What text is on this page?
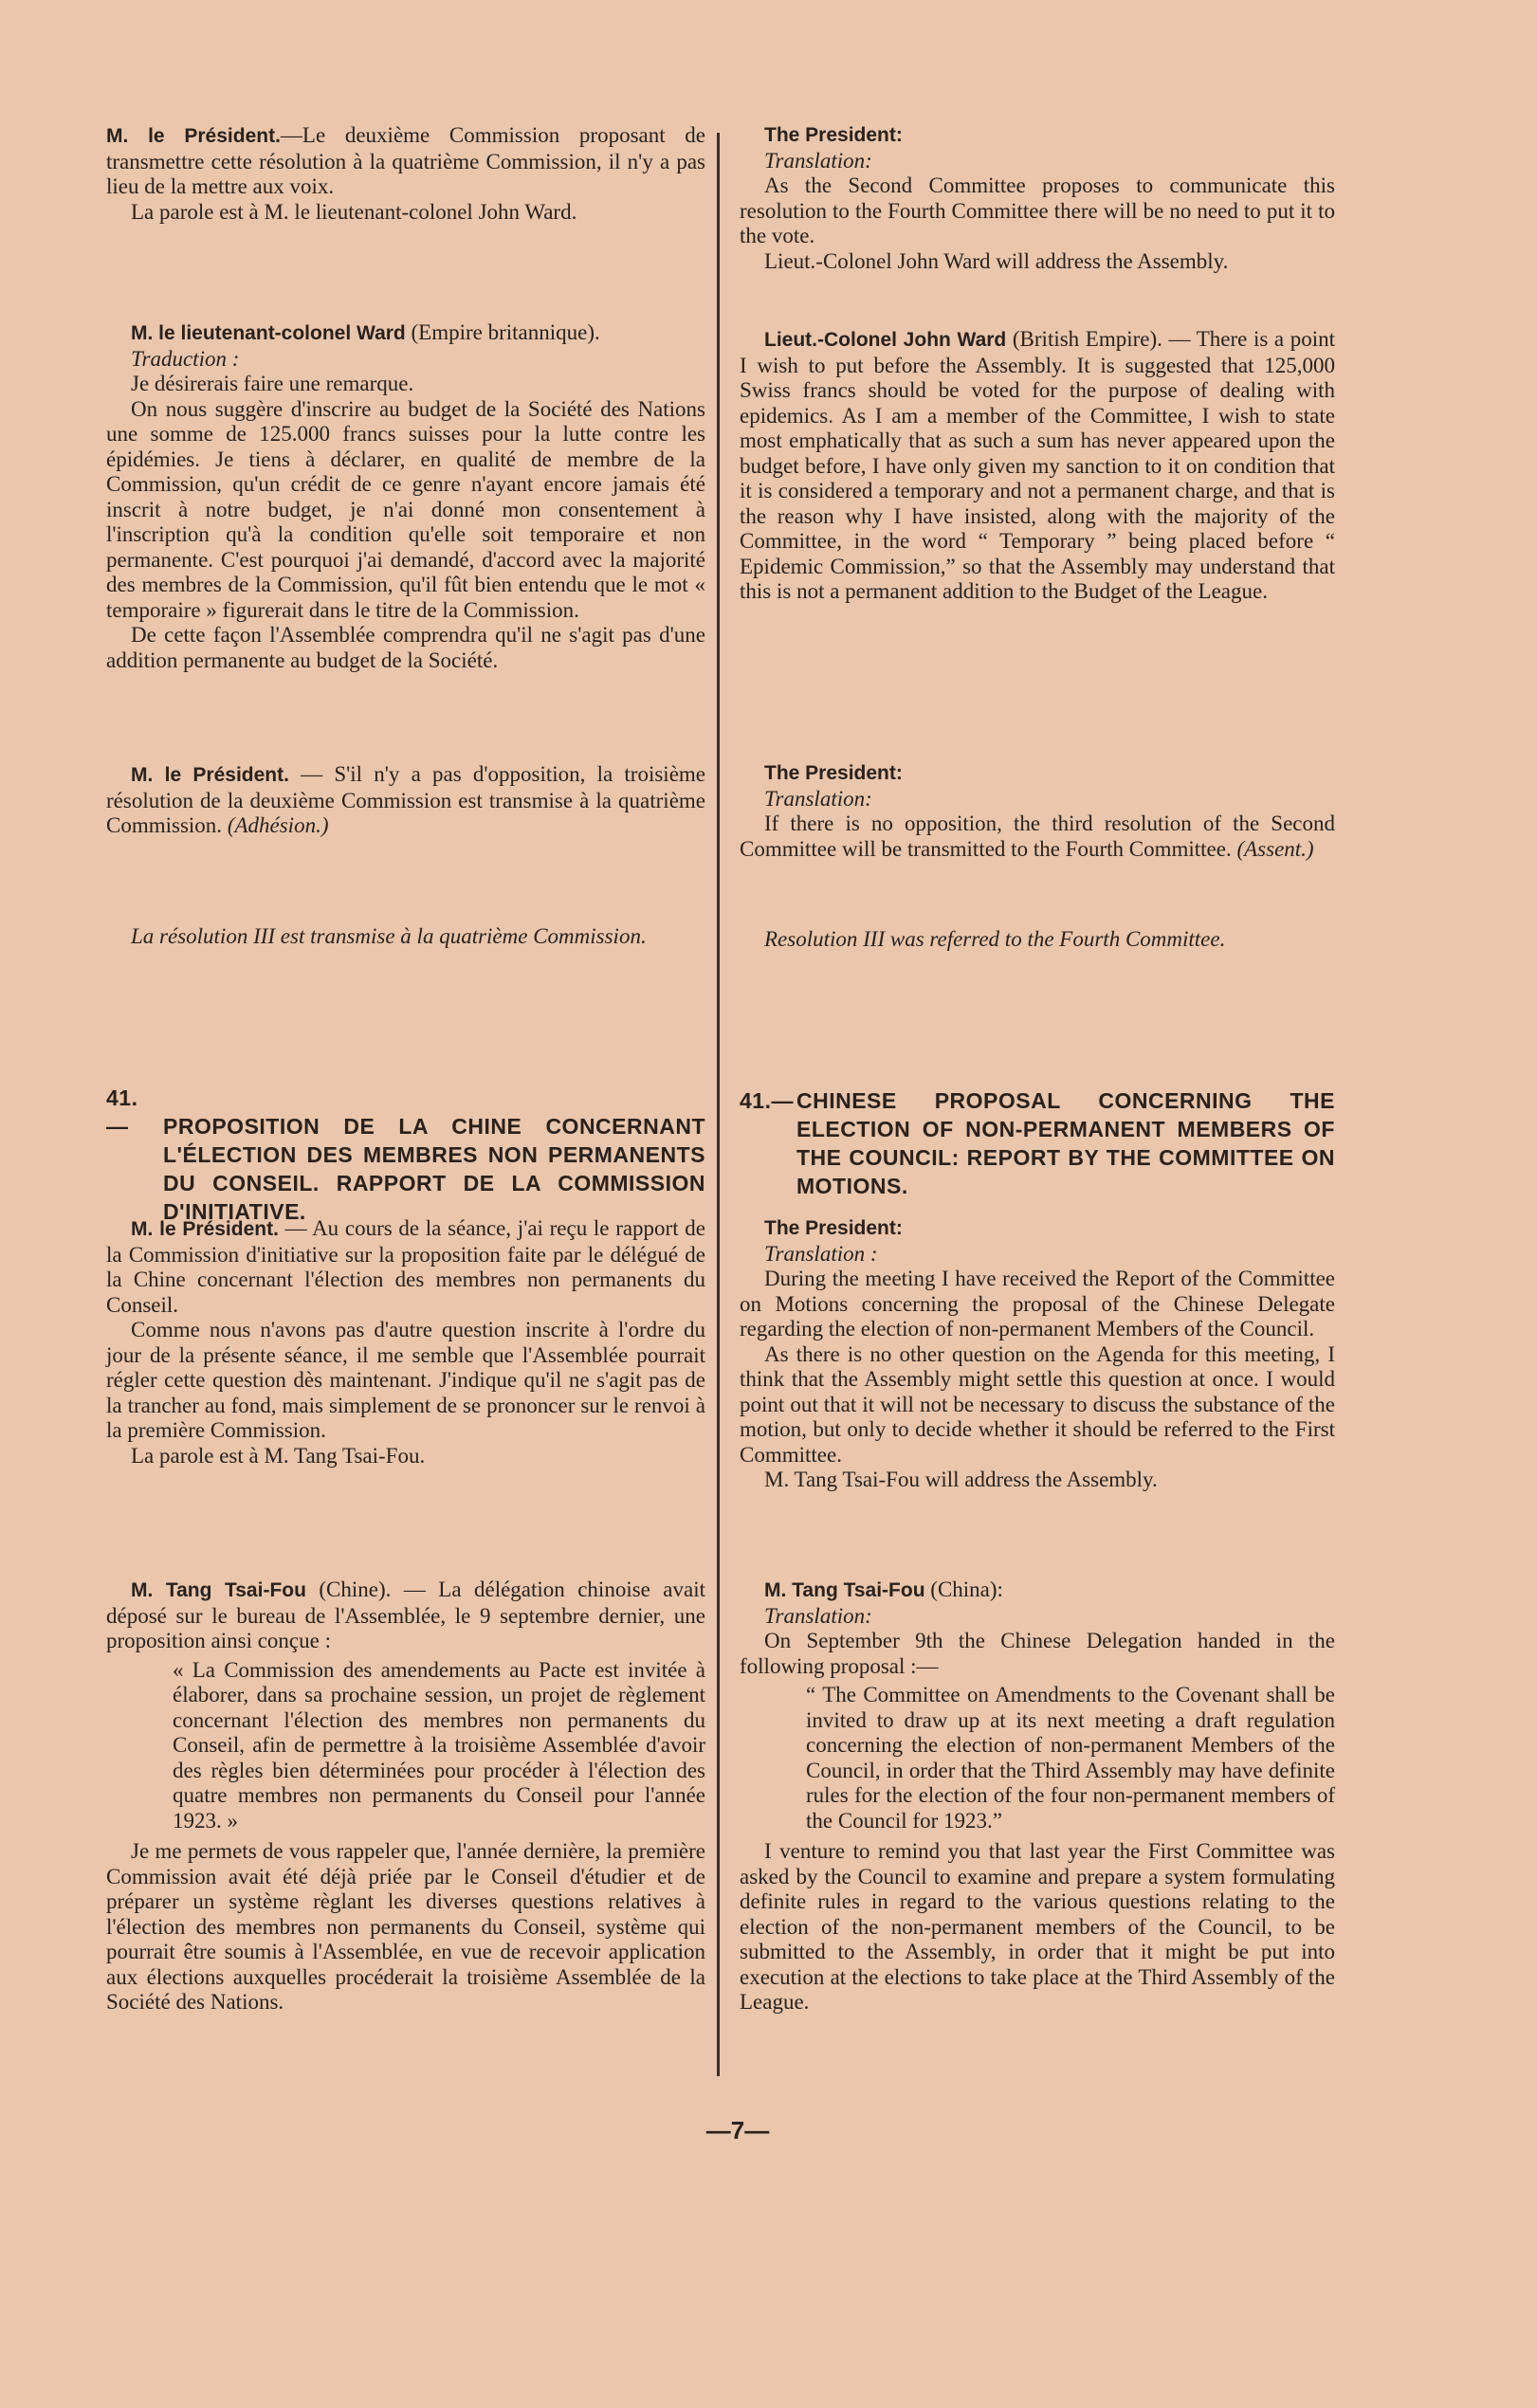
M. le Président.—Le deuxième Commission proposant de transmettre cette résolution à la quatrième Commission, il n'y a pas lieu de la mettre aux voix.

La parole est à M. le lieutenant-colonel John Ward.

M. le lieutenant-colonel Ward (Empire britannique).

Traduction :

Je désirerais faire une remarque.

On nous suggère d'inscrire au budget de la Société des Nations une somme de 125.000 francs suisses pour la lutte contre les épidémies. Je tiens à déclarer, en qualité de membre de la Commission, qu'un crédit de ce genre n'ayant encore jamais été inscrit à notre budget, je n'ai donné mon consentement à l'inscription qu'à la condition qu'elle soit temporaire et non permanente. C'est pourquoi j'ai demandé, d'accord avec la majorité des membres de la Commission, qu'il fût bien entendu que le mot « temporaire » figurerait dans le titre de la Commission.

De cette façon l'Assemblée comprendra qu'il ne s'agit pas d'une addition permanente au budget de la Société.

M. le Président. — S'il n'y a pas d'opposition, la troisième résolution de la deuxième Commission est transmise à la quatrième Commission. (Adhésion.)

La résolution III est transmise à la quatrième Commission.

41. —	PROPOSITION DE LA CHINE CONCERNANT L'ÉLECTION DES MEMBRES NON PERMANENTS DU CONSEIL. RAPPORT DE LA COMMISSION D'INITIATIVE.

M. le Président. — Au cours de la séance, j'ai reçu le rapport de la Commission d'initiative sur la proposition faite par le délégué de la Chine concernant l'élection des membres non permanents du Conseil.

Comme nous n'avons pas d'autre question inscrite à l'ordre du jour de la présente séance, il me semble que l'Assemblée pourrait régler cette question dès maintenant. J'indique qu'il ne s'agit pas de la trancher au fond, mais simplement de se prononcer sur le renvoi à la première Commission.

La parole est à M. Tang Tsai-Fou.

M. Tang Tsai-Fou (Chine). — La délégation chinoise avait déposé sur le bureau de l'Assemblée, le 9 septembre dernier, une proposition ainsi conçue :

« La Commission des amendements au Pacte est invitée à élaborer, dans sa prochaine session, un projet de règlement concernant l'élection des membres non permanents du Conseil, afin de permettre à la troisième Assemblée d'avoir des règles bien déterminées pour procéder à l'élection des quatre membres non permanents du Conseil pour l'année 1923. »

Je me permets de vous rappeler que, l'année dernière, la première Commission avait été déjà priée par le Conseil d'étudier et de préparer un système règlant les diverses questions relatives à l'élection des membres non permanents du Conseil, système qui pourrait être soumis à l'Assemblée, en vue de recevoir application aux élections auxquelles procéderait la troisième Assemblée de la Société des Nations.

The President:

Translation:

As the Second Committee proposes to communicate this resolution to the Fourth Committee there will be no need to put it to the vote.

Lieut.-Colonel John Ward will address the Assembly.

Lieut.-Colonel John Ward (British Empire). — There is a point I wish to put before the Assembly. It is suggested that 125,000 Swiss francs should be voted for the purpose of dealing with epidemics. As I am a member of the Committee, I wish to state most emphatically that as such a sum has never appeared upon the budget before, I have only given my sanction to it on condition that it is considered a temporary and not a permanent charge, and that is the reason why I have insisted, along with the majority of the Committee, in the word “ Temporary ” being placed before “ Epidemic Commission,” so that the Assembly may understand that this is not a permanent addition to the Budget of the League.

The President:

Translation:

If there is no opposition, the third resolution of the Second Committee will be transmitted to the Fourth Committee. (Assent.)

Resolution III was referred to the Fourth Committee.

41.— CHINESE PROPOSAL CONCERNING THE ELECTION OF NON-PERMANENT MEMBERS OF THE COUNCIL: REPORT BY THE COMMITTEE ON MOTIONS.

The President:

Translation :

During the meeting I have received the Report of the Committee on Motions concerning the proposal of the Chinese Delegate regarding the election of non-permanent Members of the Council.

As there is no other question on the Agenda for this meeting, I think that the Assembly might settle this question at once. I would point out that it will not be necessary to discuss the substance of the motion, but only to decide whether it should be referred to the First Committee.

M. Tang Tsai-Fou will address the Assembly.

M. Tang Tsai-Fou (China):

Translation:

On September 9th the Chinese Delegation handed in the following proposal :—

“ The Committee on Amendments to the Covenant shall be invited to draw up at its next meeting a draft regulation concerning the election of non-permanent Members of the Council, in order that the Third Assembly may have definite rules for the election of the four non-permanent members of the Council for 1923.”

I venture to remind you that last year the First Committee was asked by the Council to examine and prepare a system formulating definite rules in regard to the various questions relating to the election of the non-permanent members of the Council, to be submitted to the Assembly, in order that it might be put into execution at the elections to take place at the Third Assembly of the League.

—7—
